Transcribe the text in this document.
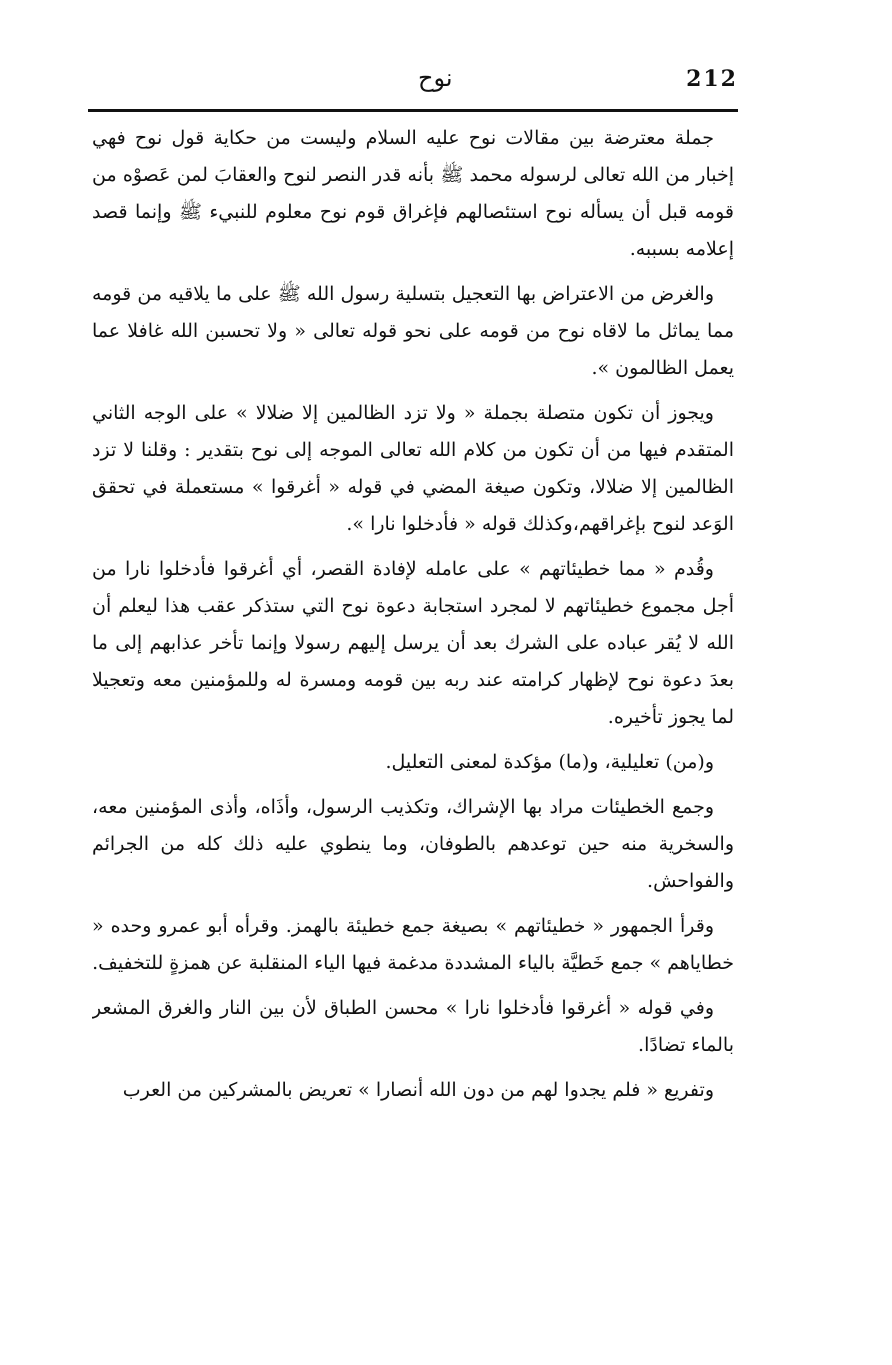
212
نوح

جملة معترضة بين مقالات نوح عليه السلام وليست من حكاية قول نوح فهي إخبار من الله تعالى لرسوله محمد ﷺ بأنه قدر النصر لنوح والعقابَ لمن عَصوْه من قومه قبل أن يسأله نوح استئصالهم فإغراق قوم نوح معلوم للنبيء ﷺ وإنما قصد إعلامه بسببه.

والغرض من الاعتراض بها التعجيل بتسلية رسول الله ﷺ على ما يلاقيه من قومه مما يماثل ما لاقاه نوح من قومه على نحو قوله تعالى « ولا تحسبن الله غافلا عما يعمل الظالمون ».

ويجوز أن تكون متصلة بجملة « ولا تزد الظالمين إلا ضلالا » على الوجه الثاني المتقدم فيها من أن تكون من كلام الله تعالى الموجه إلى نوح بتقدير : وقلنا لا تزد الظالمين إلا ضلالا، وتكون صيغة المضي في قوله « أغرقوا » مستعملة في تحقق الوَعد لنوح بإغراقهم،وكذلك قوله « فأدخلوا نارا ».

وقُدم « مما خطيئاتهم » على عامله لإفادة القصر، أي أغرقوا فأدخلوا نارا من أجل مجموع خطيئاتهم لا لمجرد استجابة دعوة نوح التي ستذكر عقب هذا ليعلم أن الله لا يُقر عباده على الشرك بعد أن يرسل إليهم رسولا وإنما تأخر عذابهم إلى ما بعدَ دعوة نوح لإظهار كرامته عند ربه بين قومه ومسرة له وللمؤمنين معه وتعجيلا لما يجوز تأخيره.

و(من) تعليلية، و(ما) مؤكدة لمعنى التعليل.

وجمع الخطيئات مراد بها الإشراك، وتكذيب الرسول، وأذَاه، وأذى المؤمنين معه، والسخرية منه حين توعدهم بالطوفان، وما ينطوي عليه ذلك كله من الجرائم والفواحش.

وقرأ الجمهور « خطيئاتهم » بصيغة جمع خطيئة بالهمز. وقرأه أبو عمرو وحده « خطاياهم » جمع خَطيَّة بالياء المشددة مدغمة فيها الياء المنقلبة عن همزةٍ للتخفيف.

وفي قوله « أغرقوا فأدخلوا نارا » محسن الطباق لأن بين النار والغرق المشعر بالماء تضادًا.

وتفريع « فلم يجدوا لهم من دون الله أنصارا » تعريض بالمشركين من العرب
